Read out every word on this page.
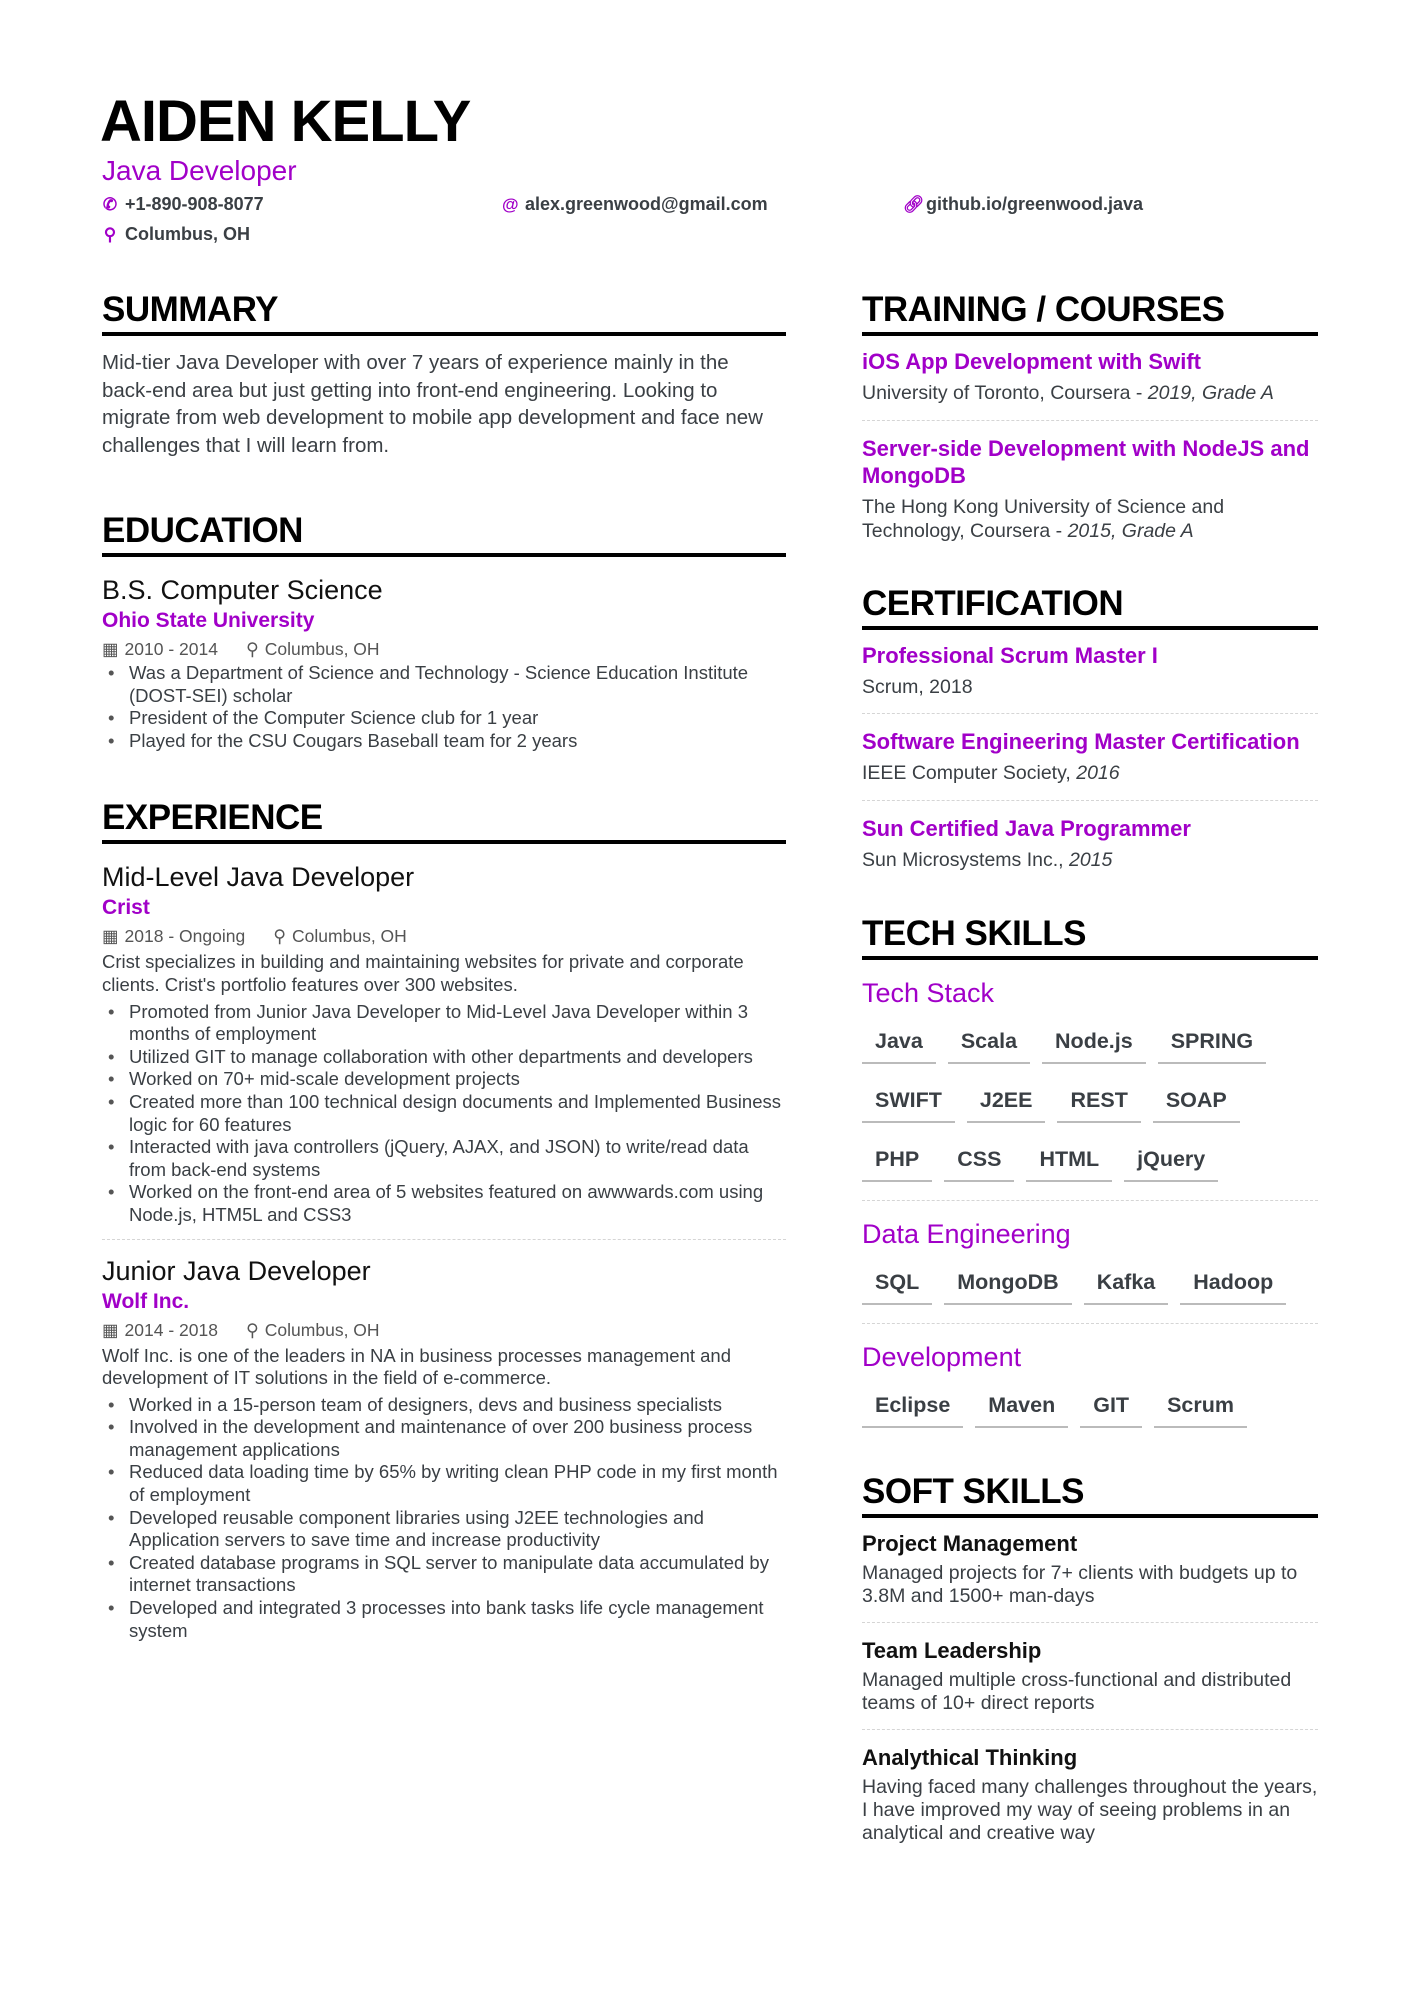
AIDEN KELLY
Java Developer
✆ +1-890-908-8077	@ alex.greenwood@gmail.com	🔗︎ github.io/greenwood.java
⚲ Columbus, OH
SUMMARY
Mid-tier Java Developer with over 7 years of experience mainly in the back-end area but just getting into front-end engineering. Looking to migrate from web development to mobile app development and face new challenges that I will learn from.
EDUCATION
B.S. Computer Science
Ohio State University
▦ 2010 - 2014 ⚲ Columbus, OH
• Was a Department of Science and Technology - Science Education Institute (DOST-SEI) scholar
• President of the Computer Science club for 1 year
• Played for the CSU Cougars Baseball team for 2 years
EXPERIENCE
Mid-Level Java Developer
Crist
▦ 2018 - Ongoing ⚲ Columbus, OH
Crist specializes in building and maintaining websites for private and corporate clients. Crist's portfolio features over 300 websites.
• Promoted from Junior Java Developer to Mid-Level Java Developer within 3 months of employment
• Utilized GIT to manage collaboration with other departments and developers
• Worked on 70+ mid-scale development projects
• Created more than 100 technical design documents and Implemented Business logic for 60 features
• Interacted with java controllers (jQuery, AJAX, and JSON) to write/read data from back-end systems
• Worked on the front-end area of 5 websites featured on awwwards.com using Node.js, HTM5L and CSS3
Junior Java Developer
Wolf Inc.
▦ 2014 - 2018 ⚲ Columbus, OH
Wolf Inc. is one of the leaders in NA in business processes management and development of IT solutions in the field of e-commerce.
• Worked in a 15-person team of designers, devs and business specialists
• Involved in the development and maintenance of over 200 business process management applications
• Reduced data loading time by 65% by writing clean PHP code in my first month of employment
• Developed reusable component libraries using J2EE technologies and Application servers to save time and increase productivity
• Created database programs in SQL server to manipulate data accumulated by internet transactions
• Developed and integrated 3 processes into bank tasks life cycle management system
TRAINING / COURSES
iOS App Development with Swift
University of Toronto, Coursera - 2019, Grade A
Server-side Development with NodeJS and MongoDB
The Hong Kong University of Science and Technology, Coursera - 2015, Grade A
CERTIFICATION
Professional Scrum Master I
Scrum, 2018
Software Engineering Master Certification
IEEE Computer Society, 2016
Sun Certified Java Programmer
Sun Microsystems Inc., 2015
TECH SKILLS
Tech Stack
Java	Scala	Node.js	SPRING
SWIFT	J2EE	REST	SOAP
PHP	CSS	HTML	jQuery
Data Engineering
SQL	MongoDB	Kafka	Hadoop
Development
Eclipse	Maven	GIT	Scrum
SOFT SKILLS
Project Management
Managed projects for 7+ clients with budgets up to 3.8M and 1500+ man-days
Team Leadership
Managed multiple cross-functional and distributed teams of 10+ direct reports
Analythical Thinking
Having faced many challenges throughout the years, I have improved my way of seeing problems in an analytical and creative way
